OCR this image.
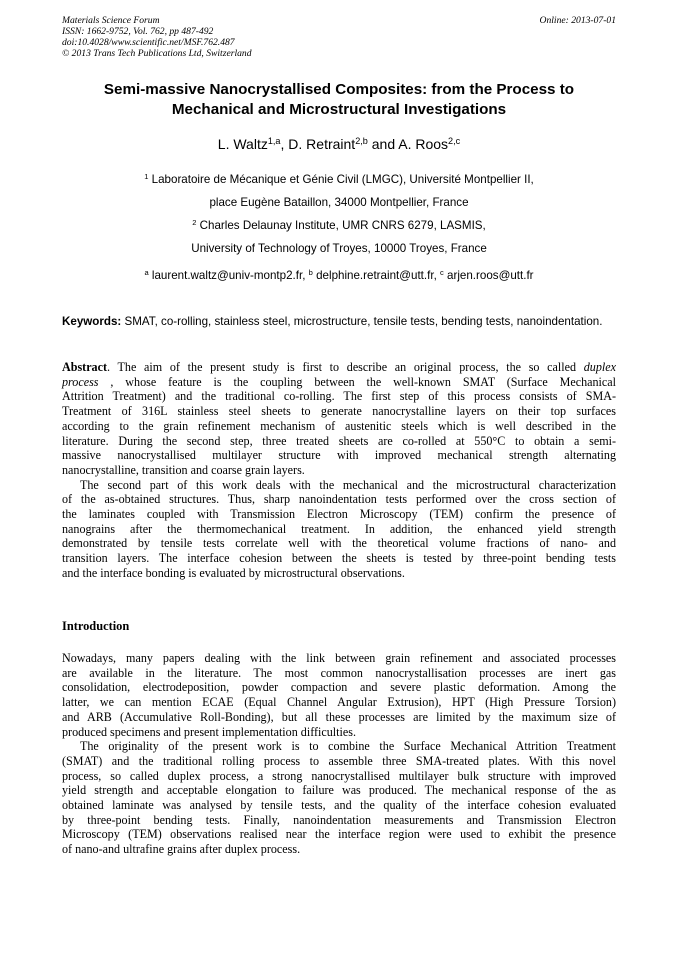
Materials Science Forum
ISSN: 1662-9752, Vol. 762, pp 487-492
doi:10.4028/www.scientific.net/MSF.762.487
© 2013 Trans Tech Publications Ltd, Switzerland
Online: 2013-07-01
Semi-massive Nanocrystallised Composites: from the Process to
Mechanical and Microstructural Investigations
L. Waltz$^{1,a}$, D. Retraint$^{2,b}$ and A. Roos$^{2,c}$
$^1$ Laboratoire de Mécanique et Génie Civil (LMGC), Université Montpellier II,
place Eugène Bataillon, 34000 Montpellier, France
$^2$ Charles Delaunay Institute, UMR CNRS 6279, LASMIS,
University of Technology of Troyes, 10000 Troyes, France
$^a$ laurent.waltz@univ-montp2.fr, $^b$ delphine.retraint@utt.fr, $^c$ arjen.roos@utt.fr
Keywords: SMAT, co-rolling, stainless steel, microstructure, tensile tests, bending tests, nanoindentation.

Abstract. The aim of the present study is first to describe an original process, the so called duplex
process , whose feature is the coupling between the well-known SMAT (Surface Mechanical
Attrition Treatment) and the traditional co-rolling. The first step of this process consists of SMA-
Treatment of 316L stainless steel sheets to generate nanocrystalline layers on their top surfaces
according to the grain refinement mechanism of austenitic steels which is well described in the
literature. During the second step, three treated sheets are co-rolled at 550°C to obtain a semi-
massive nanocrystallised multilayer structure with improved mechanical strength alternating
nanocrystalline, transition and coarse grain layers.

The second part of this work deals with the mechanical and the microstructural characterization
of the as-obtained structures. Thus, sharp nanoindentation tests performed over the cross section of
the laminates coupled with Transmission Electron Microscopy (TEM) confirm the presence of
nanograins after the thermomechanical treatment. In addition, the enhanced yield strength
demonstrated by tensile tests correlate well with the theoretical volume fractions of nano- and
transition layers. The interface cohesion between the sheets is tested by three-point bending tests
and the interface bonding is evaluated by microstructural observations.

Introduction

Nowadays, many papers dealing with the link between grain refinement and associated processes
are available in the literature. The most common nanocrystallisation processes are inert gas
consolidation, electrodeposition, powder compaction and severe plastic deformation. Among the
latter, we can mention ECAE (Equal Channel Angular Extrusion), HPT (High Pressure Torsion)
and ARB (Accumulative Roll-Bonding), but all these processes are limited by the maximum size of
produced specimens and present implementation difficulties.

The originality of the present work is to combine the Surface Mechanical Attrition Treatment
(SMAT) and the traditional rolling process to assemble three SMA-treated plates. With this novel
process, so called duplex process, a strong nanocrystallised multilayer bulk structure with improved
yield strength and acceptable elongation to failure was produced. The mechanical response of the as
obtained laminate was analysed by tensile tests, and the quality of the interface cohesion evaluated
by three-point bending tests. Finally, nanoindentation measurements and Transmission Electron
Microscopy (TEM) observations realised near the interface region were used to exhibit the presence
of nano-and ultrafine grains after duplex process.
